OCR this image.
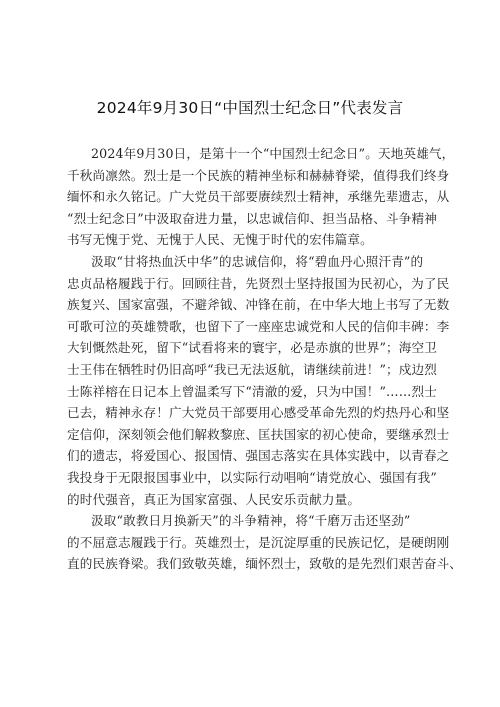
2024年9月30日“中国烈士纪念日”代表发言
2024年9月30日，是第十一个“中国烈士纪念日”。天地英雄气，
千秋尚凛然。烈士是一个民族的精神坐标和赫赫脊梁，值得我们终身
缅怀和永久铭记。广大党员干部要赓续烈士精神，承继先辈遗志，从
“烈士纪念日”中汲取奋进力量，以忠诚信仰、担当品格、斗争精神
书写无愧于党、无愧于人民、无愧于时代的宏伟篇章。
汲取“甘将热血沃中华”的忠诚信仰，将“碧血丹心照汗青”的
忠贞品格履践于行。回顾往昔，先贤烈士坚持报国为民初心，为了民
族复兴、国家富强，不避斧钺、冲锋在前，在中华大地上书写了无数
可歌可泣的英雄赞歌，也留下了一座座忠诚党和人民的信仰丰碑：李
大钊慨然赴死，留下“试看将来的寰宇，必是赤旗的世界”；海空卫
士王伟在牺牲时仍旧高呼“我已无法返航，请继续前进！”；戍边烈
士陈祥榕在日记本上曾温柔写下“清澈的爱，只为中国！”……烈士
已去，精神永存！广大党员干部要用心感受革命先烈的灼热丹心和坚
定信仰，深刻领会他们解救黎庶、匡扶国家的初心使命，要继承烈士
们的遗志，将爱国心、报国情、强国志落实在具体实践中，以青春之
我投身于无限报国事业中，以实际行动唱响“请党放心、强国有我”
的时代强音，真正为国家富强、人民安乐贡献力量。
汲取“敢教日月换新天”的斗争精神，将“千磨万击还坚劲”
的不屈意志履践于行。英雄烈士，是沉淀厚重的民族记忆，是硬朗刚
直的民族脊梁。我们致敬英雄，缅怀烈士，致敬的是先烈们艰苦奋斗、
